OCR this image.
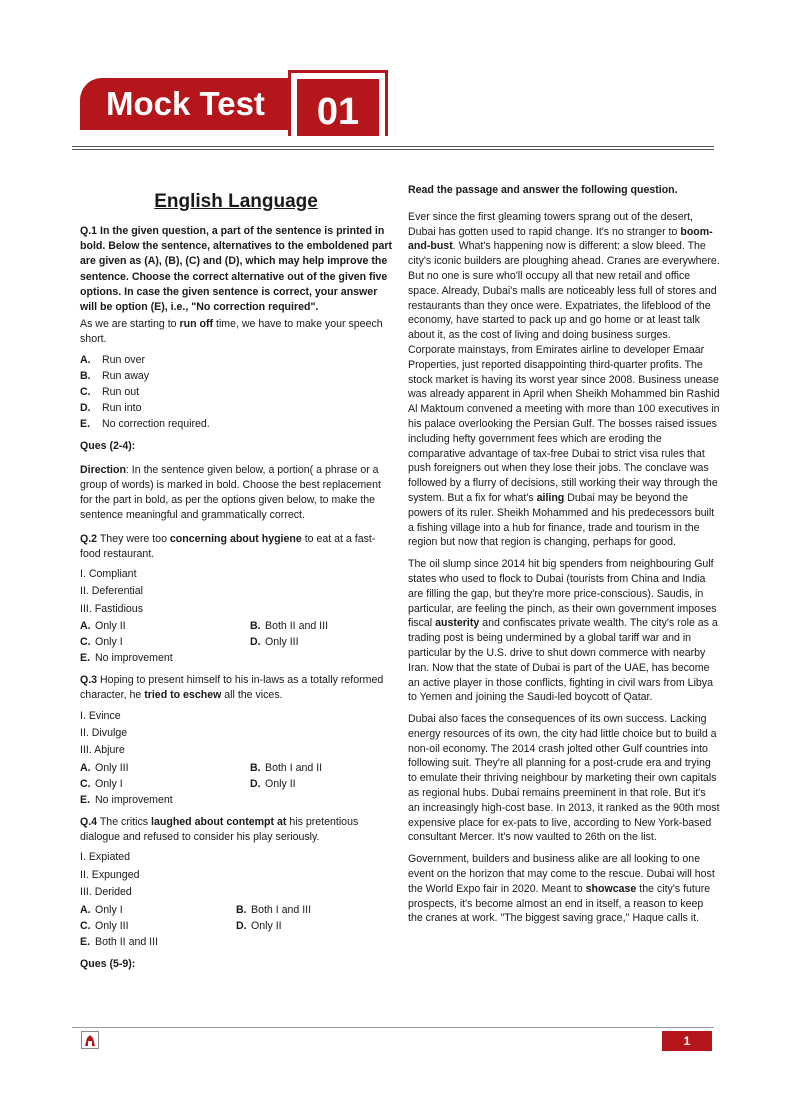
Mock Test	01
English Language
Q.1 In the given question, a part of the sentence is printed in bold. Below the sentence, alternatives to the emboldened part are given as (A), (B), (C) and (D), which may help improve the sentence. Choose the correct alternative out of the given five options. In case the given sentence is correct, your answer will be option (E), i.e., "No correction required".

As we are starting to run off time, we have to make your speech short.

A.	Run over
B.	Run away
C.	Run out
D.	Run into
E.	No correction required.
Ques (2-4):

Direction: In the sentence given below, a portion( a phrase or a group of words) is marked in bold. Choose the best replacement for the part in bold, as per the options given below, to make the sentence meaningful and grammatically correct.

Q.2 They were too concerning about hygiene to eat at a fast-food restaurant.

I. Compliant
II. Deferential
III. Fastidious
A. Only II	B. Both II and III
C. Only I	D. Only III
E. No improvement

Q.3 Hoping to present himself to his in-laws as a totally reformed character, he tried to eschew all the vices.

I. Evince
II. Divulge
III. Abjure
A. Only III	B. Both I and II
C. Only I	D. Only II
E. No improvement

Q.4 The critics laughed about contempt at his pretentious dialogue and refused to consider his play seriously.

I. Expiated
II. Expunged
III. Derided
A. Only I	B. Both I and III
C. Only III	D. Only II
E. Both II and III
Ques (5-9):
Read the passage and answer the following question.

Ever since the first gleaming towers sprang out of the desert, Dubai has gotten used to rapid change. It's no stranger to boom-and-bust. What's happening now is different: a slow bleed. The city's iconic builders are ploughing ahead. Cranes are everywhere. But no one is sure who'll occupy all that new retail and office space. Already, Dubai's malls are noticeably less full of stores and restaurants than they once were. Expatriates, the lifeblood of the economy, have started to pack up and go home or at least talk about it, as the cost of living and doing business surges. Corporate mainstays, from Emirates airline to developer Emaar Properties, just reported disappointing third-quarter profits. The stock market is having its worst year since 2008. Business unease was already apparent in April when Sheikh Mohammed bin Rashid Al Maktoum convened a meeting with more than 100 executives in his palace overlooking the Persian Gulf. The bosses raised issues including hefty government fees which are eroding the comparative advantage of tax-free Dubai to strict visa rules that push foreigners out when they lose their jobs. The conclave was followed by a flurry of decisions, still working their way through the system. But a fix for what's ailing Dubai may be beyond the powers of its ruler. Sheikh Mohammed and his predecessors built a fishing village into a hub for finance, trade and tourism in the region but now that region is changing, perhaps for good.

The oil slump since 2014 hit big spenders from neighbouring Gulf states who used to flock to Dubai (tourists from China and India are filling the gap, but they're more price-conscious). Saudis, in particular, are feeling the pinch, as their own government imposes fiscal austerity and confiscates private wealth. The city's role as a trading post is being undermined by a global tariff war and in particular by the U.S. drive to shut down commerce with nearby Iran. Now that the state of Dubai is part of the UAE, has become an active player in those conflicts, fighting in civil wars from Libya to Yemen and joining the Saudi-led boycott of Qatar.

Dubai also faces the consequences of its own success. Lacking energy resources of its own, the city had little choice but to build a non-oil economy. The 2014 crash jolted other Gulf countries into following suit. They're all planning for a post-crude era and trying to emulate their thriving neighbour by marketing their own capitals as regional hubs. Dubai remains preeminent in that role. But it's an increasingly high-cost base. In 2013, it ranked as the 90th most expensive place for ex-pats to live, according to New York-based consultant Mercer. It's now vaulted to 26th on the list.

Government, builders and business alike are all looking to one event on the horizon that may come to the rescue. Dubai will host the World Expo fair in 2020. Meant to showcase the city's future prospects, it's become almost an end in itself, a reason to keep the cranes at work. "The biggest saving grace,'' Haque calls it.

1
